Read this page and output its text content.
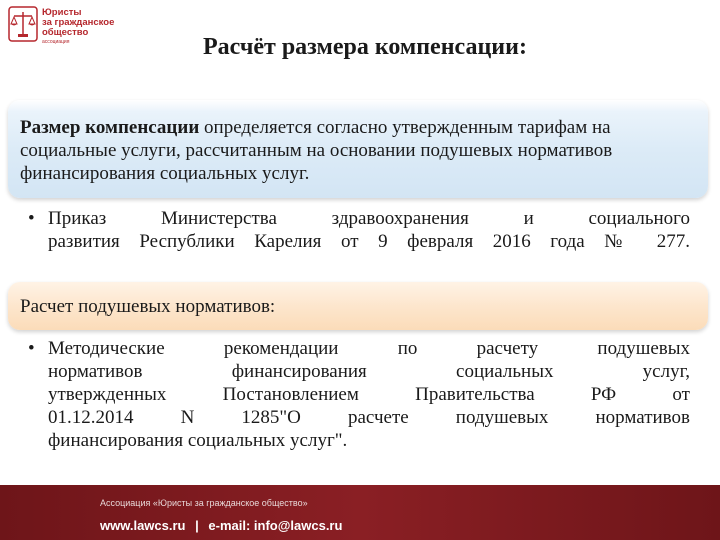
Юристы
за гражданское
общество
ассоциация	Расчёт размера компенсации:
Размер компенсации определяется согласно утвержденным тарифам на социальные услуги, рассчитанным на основании подушевых нормативов финансирования социальных услуг.
• Приказ Министерства здравоохранения и социального
развития Республики Карелия от 9 февраля 2016 года № 277.
Расчет подушевых нормативов:
• Методические рекомендации по расчету подушевых
нормативов финансирования социальных услуг,
утвержденных Постановлением Правительства РФ от
01.12.2014 N 1285"О расчете подушевых нормативов
финансирования социальных услуг".
Ассоциация «Юристы за гражданское общество»
www.lawcs.ru | e-mail: info@lawcs.ru
